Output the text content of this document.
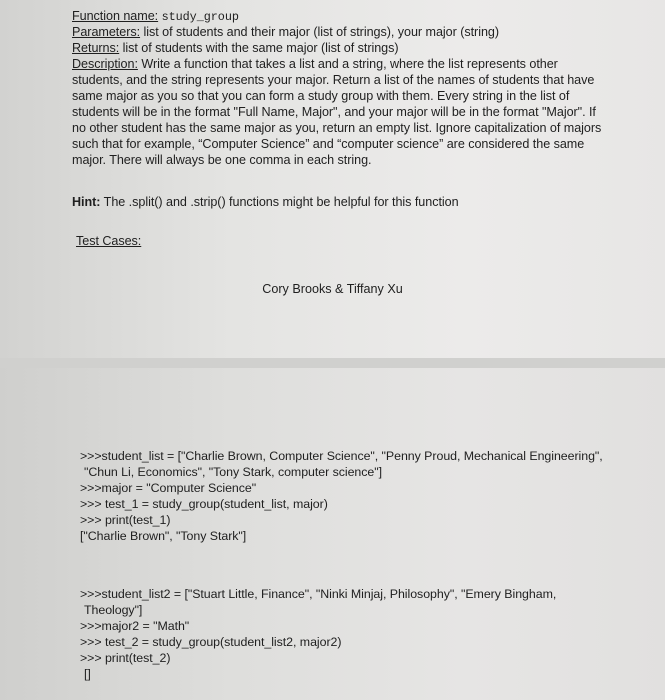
Function name: study_group
Parameters: list of students and their major (list of strings), your major (string)
Returns: list of students with the same major (list of strings)
Description: Write a function that takes a list and a string, where the list represents other
students, and the string represents your major. Return a list of the names of students that have
same major as you so that you can form a study group with them. Every string in the list of
students will be in the format "Full Name, Major", and your major will be in the format "Major". If
no other student has the same major as you, return an empty list. Ignore capitalization of majors
such that for example, “Computer Science” and “computer science” are considered the same
major. There will always be one comma in each string.
Hint: The .split() and .strip() functions might be helpful for this function
Test Cases:
Cory Brooks & Tiffany Xu
>>>student_list = ["Charlie Brown, Computer Science", "Penny Proud, Mechanical Engineering",
"Chun Li, Economics", "Tony Stark, computer science"]
>>>major = "Computer Science"
>>> test_1 = study_group(student_list, major)
>>> print(test_1)
["Charlie Brown", "Tony Stark"]
>>>student_list2 = ["Stuart Little, Finance", "Ninki Minjaj, Philosophy", "Emery Bingham,
Theology"]
>>>major2 = "Math"
>>> test_2 = study_group(student_list2, major2)
>>> print(test_2)
[]
